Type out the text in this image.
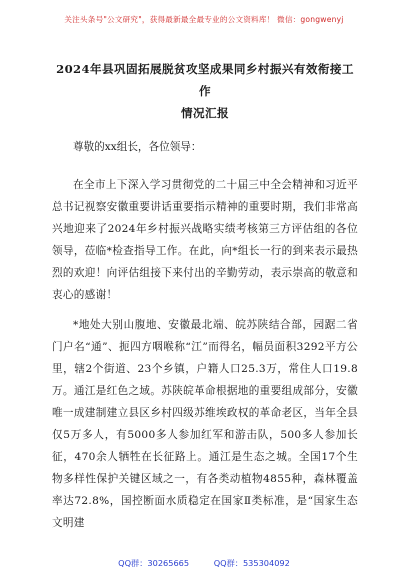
关注头条号"公文研究"，获得最新最全最专业的公文资料库！ 微信：gongwenyj
2024年县巩固拓展脱贫攻坚成果同乡村振兴有效衔接工作
情况汇报
尊敬的xx组长，各位领导：

在全市上下深入学习贯彻党的二十届三中全会精神和习近平总书记视察安徽重要讲话重要指示精神的重要时期，我们非常高兴地迎来了2024年乡村振兴战略实绩考核第三方评估组的各位领导，莅临*检查指导工作。在此，向*组长一行的到来表示最热烈的欢迎！向评估组接下来付出的辛勤劳动，表示崇高的敬意和衷心的感谢！

*地处大别山腹地、安徽最北端、皖苏陕结合部，园踞二省门户名“通”、扼四方咽喉称“江”而得名，幅员面积3292平方公里，辖2个街道、23个乡镇，户籍人口25.3万，常住人口19.8万。通江是红色之域。苏陕皖革命根据地的重要组成部分，安徽唯一成建制建立县区乡村四级苏维埃政权的革命老区，当年全县仅5万多人，有5000多人参加红军和游击队，500多人参加长征，470余人牺牲在长征路上。通江是生态之城。全国17个生物多样性保护关键区域之一，有各类动植物4855种，森林覆盖率达72.8%，国控断面水质稳定在国家Ⅱ类标准，是“国家生态文明建

QQ群：30265665	QQ群：535304092
